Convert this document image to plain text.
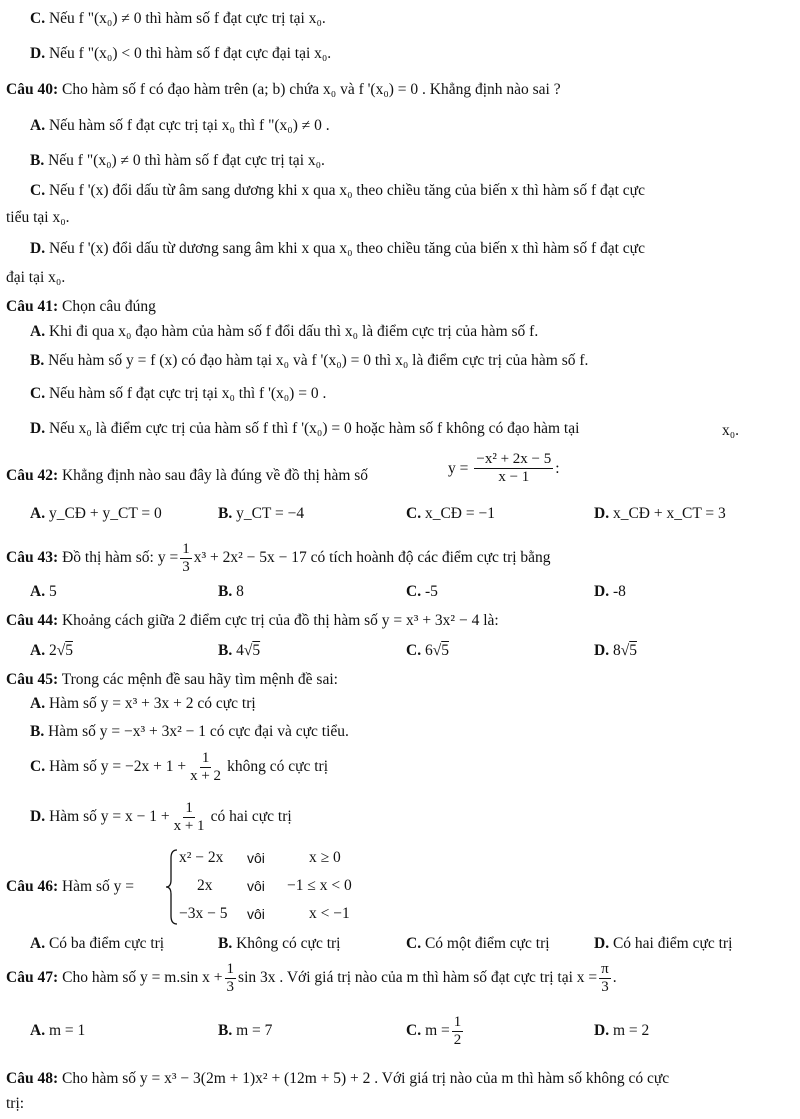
C. Nếu f "(x₀) ≠ 0 thì hàm số f đạt cực trị tại x₀.
D. Nếu f "(x₀) < 0 thì hàm số f đạt cực đại tại x₀.
Câu 40: Cho hàm số f có đạo hàm trên (a; b) chứa x₀ và f '(x₀) = 0 . Khẳng định nào sai ?
A. Nếu hàm số f đạt cực trị tại x₀ thì f "(x₀) ≠ 0 .
B. Nếu f "(x₀) ≠ 0 thì hàm số f đạt cực trị tại x₀.
C. Nếu f '(x) đổi dấu từ âm sang dương khi x qua x₀ theo chiều tăng của biến x thì hàm số f đạt cực
tiểu tại x₀.
D. Nếu f '(x) đổi dấu từ dương sang âm khi x qua x₀ theo chiều tăng của biến x thì hàm số f đạt cực
đại tại x₀.
Câu 41: Chọn câu đúng
A. Khi đi qua x₀ đạo hàm của hàm số f đổi dấu thì x₀ là điểm cực trị của hàm số f.
B. Nếu hàm số y = f (x) có đạo hàm tại x₀ và f '(x₀) = 0 thì x₀ là điểm cực trị của hàm số f.
C. Nếu hàm số f đạt cực trị tại x₀ thì f '(x₀) = 0 .
D. Nếu x₀ là điểm cực trị của hàm số f thì f '(x₀) = 0 hoặc hàm số f không có đạo hàm tại	x₀.
Câu 42: Khẳng định nào sau đây là đúng về đồ thị hàm số	$y = \frac{\text{−x² + 2x − 5}}{x - 1}$ :
A. y_CĐ + y_CT = 0	B. y_CT = −4	C. x_CĐ = −1	D. x_CĐ + x_CT = 3
Câu 43: Đồ thị hàm số: $y = \frac{1}{3} x^3 + 2x^2 - 5x - 17$ có tích hoành độ các điểm cực trị bằng
A. 5	B. 8	C. -5	D. -8
Câu 44: Khoảng cách giữa 2 điểm cực trị của đồ thị hàm số y = x³ + 3x² − 4 là:
A. 2√5	B. 4√5	C. 6√5	D. 8√5
Câu 45: Trong các mệnh đề sau hãy tìm mệnh đề sai:
A. Hàm số y = x³ + 3x + 2 có cực trị
B. Hàm số y = −x³ + 3x² − 1 có cực đại và cực tiểu.
C. Hàm số $y = -2x + 1 + \frac{1}{x + 2}$ không có cực trị
D. Hàm số $y = x - 1 + \frac{1}{x + 1}$ có hai cực trị
Câu 46: Hàm số y =
x² − 2x vôi	x ≥ 0
2x vôi −1 ≤ x < 0
−3x − 5 vôi	x < −1
A. Có ba điểm cực trị	B. Không có cực trị	C. Có một điểm cực trị	D. Có hai điểm cực trị
Câu 47: Cho hàm số y = m.sin $x + \frac{1}{3}$ sin 3x . Với giá trị nào của m thì hàm số đạt cực trị tại $x = \frac{\pi}{3}$ .
A. m = 1	B. m = 7	C. $m = \frac{1}{2}$	D. m = 2
Câu 48: Cho hàm số y = x³ − 3(2m + 1)x² + (12m + 5) + 2 . Với giá trị nào của m thì hàm số không có cực
trị:
